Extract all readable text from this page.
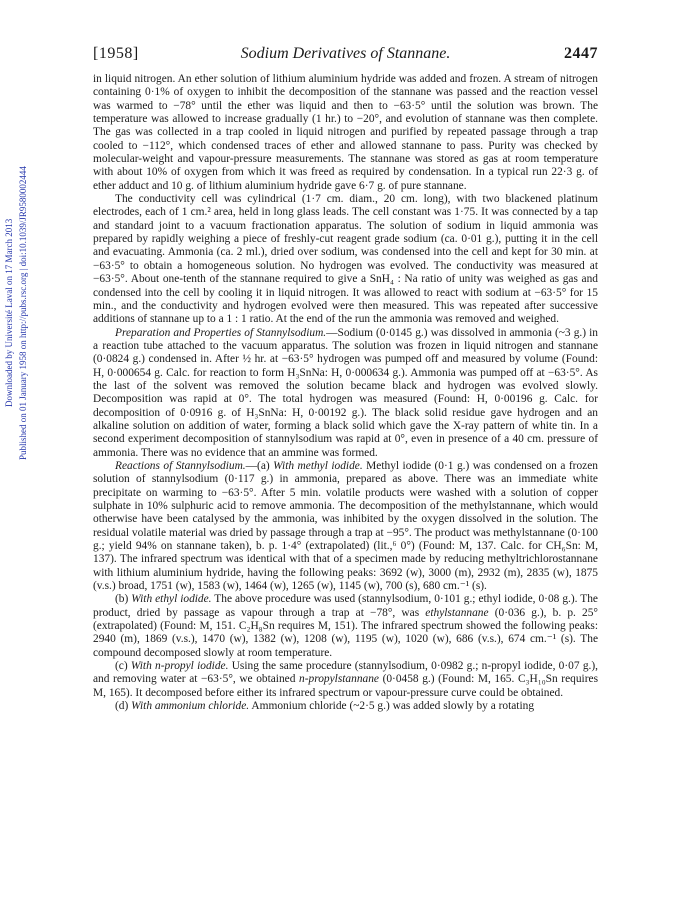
[1958]	Sodium Derivatives of Stannane.	2447
Downloaded by Université Laval on 17 March 2013 Published on 01 January 1958 on http://pubs.rsc.org | doi:10.1039/JR9580002444

in liquid nitrogen. An ether solution of lithium aluminium hydride was added and frozen. A stream of nitrogen containing 0·1% of oxygen to inhibit the decomposition of the stannane was passed and the reaction vessel was warmed to −78° until the ether was liquid and then to −63·5° until the solution was brown. The temperature was allowed to increase gradually (1 hr.) to −20°, and evolution of stannane was then complete. The gas was collected in a trap cooled in liquid nitrogen and purified by repeated passage through a trap cooled to −112°, which condensed traces of ether and allowed stannane to pass. Purity was checked by molecular-weight and vapour-pressure measurements. The stannane was stored as gas at room temperature with about 10% of oxygen from which it was freed as required by condensation. In a typical run 22·3 g. of ether adduct and 10 g. of lithium aluminium hydride gave 6·7 g. of pure stannane.

The conductivity cell was cylindrical (1·7 cm. diam., 20 cm. long), with two blackened platinum electrodes, each of 1 cm.² area, held in long glass leads. The cell constant was 1·75. It was connected by a tap and standard joint to a vacuum fractionation apparatus. The solution of sodium in liquid ammonia was prepared by rapidly weighing a piece of freshly-cut reagent grade sodium (ca. 0·01 g.), putting it in the cell and evacuating. Ammonia (ca. 2 ml.), dried over sodium, was condensed into the cell and kept for 30 min. at −63·5° to obtain a homogeneous solution. No hydrogen was evolved. The conductivity was measured at −63·5°. About one-tenth of the stannane required to give a SnH₄ : Na ratio of unity was weighed as gas and condensed into the cell by cooling it in liquid nitrogen. It was allowed to react with sodium at −63·5° for 15 min., and the conductivity and hydrogen evolved were then measured. This was repeated after successive additions of stannane up to a 1 : 1 ratio. At the end of the run the ammonia was removed and weighed.

Preparation and Properties of Stannylsodium.—Sodium (0·0145 g.) was dissolved in ammonia (~3 g.) in a reaction tube attached to the vacuum apparatus. The solution was frozen in liquid nitrogen and stannane (0·0824 g.) condensed in. After ½ hr. at −63·5° hydrogen was pumped off and measured by volume (Found: H, 0·000654 g. Calc. for reaction to form H₃SnNa: H, 0·000634 g.). Ammonia was pumped off at −63·5°. As the last of the solvent was removed the solution became black and hydrogen was evolved slowly. Decomposition was rapid at 0°. The total hydrogen was measured (Found: H, 0·00196 g. Calc. for decomposition of 0·0916 g. of H₃SnNa: H, 0·00192 g.). The black solid residue gave hydrogen and an alkaline solution on addition of water, forming a black solid which gave the X-ray pattern of white tin. In a second experiment decomposition of stannylsodium was rapid at 0°, even in presence of a 40 cm. pressure of ammonia. There was no evidence that an ammine was formed.

Reactions of Stannylsodium.—(a) With methyl iodide. Methyl iodide (0·1 g.) was condensed on a frozen solution of stannylsodium (0·117 g.) in ammonia, prepared as above. There was an immediate white precipitate on warming to −63·5°. After 5 min. volatile products were washed with a solution of copper sulphate in 10% sulphuric acid to remove ammonia. The decomposition of the methylstannane, which would otherwise have been catalysed by the ammonia, was inhibited by the oxygen dissolved in the solution. The residual volatile material was dried by passage through a trap at −95°. The product was methylstannane (0·100 g.; yield 94% on stannane taken), b. p. 1·4° (extrapolated) (lit.,⁶ 0°) (Found: M, 137. Calc. for CH₆Sn: M, 137). The infrared spectrum was identical with that of a specimen made by reducing methyltrichlorostannane with lithium aluminium hydride, having the following peaks: 3692 (w), 3000 (m), 2932 (m), 2835 (w), 1875 (v.s.) broad, 1751 (w), 1583 (w), 1464 (w), 1265 (w), 1145 (w), 700 (s), 680 cm.⁻¹ (s).

(b) With ethyl iodide. The above procedure was used (stannylsodium, 0·101 g.; ethyl iodide, 0·08 g.). The product, dried by passage as vapour through a trap at −78°, was ethylstannane (0·036 g.), b. p. 25° (extrapolated) (Found: M, 151. C₂H₈Sn requires M, 151). The infrared spectrum showed the following peaks: 2940 (m), 1869 (v.s.), 1470 (w), 1382 (w), 1208 (w), 1195 (w), 1020 (w), 686 (v.s.), 674 cm.⁻¹ (s). The compound decomposed slowly at room temperature.

(c) With n-propyl iodide. Using the same procedure (stannylsodium, 0·0982 g.; n-propyl iodide, 0·07 g.), and removing water at −63·5°, we obtained n-propylstannane (0·0458 g.) (Found: M, 165. C₃H₁₀Sn requires M, 165). It decomposed before either its infrared spectrum or vapour-pressure curve could be obtained.

(d) With ammonium chloride. Ammonium chloride (~2·5 g.) was added slowly by a rotating
